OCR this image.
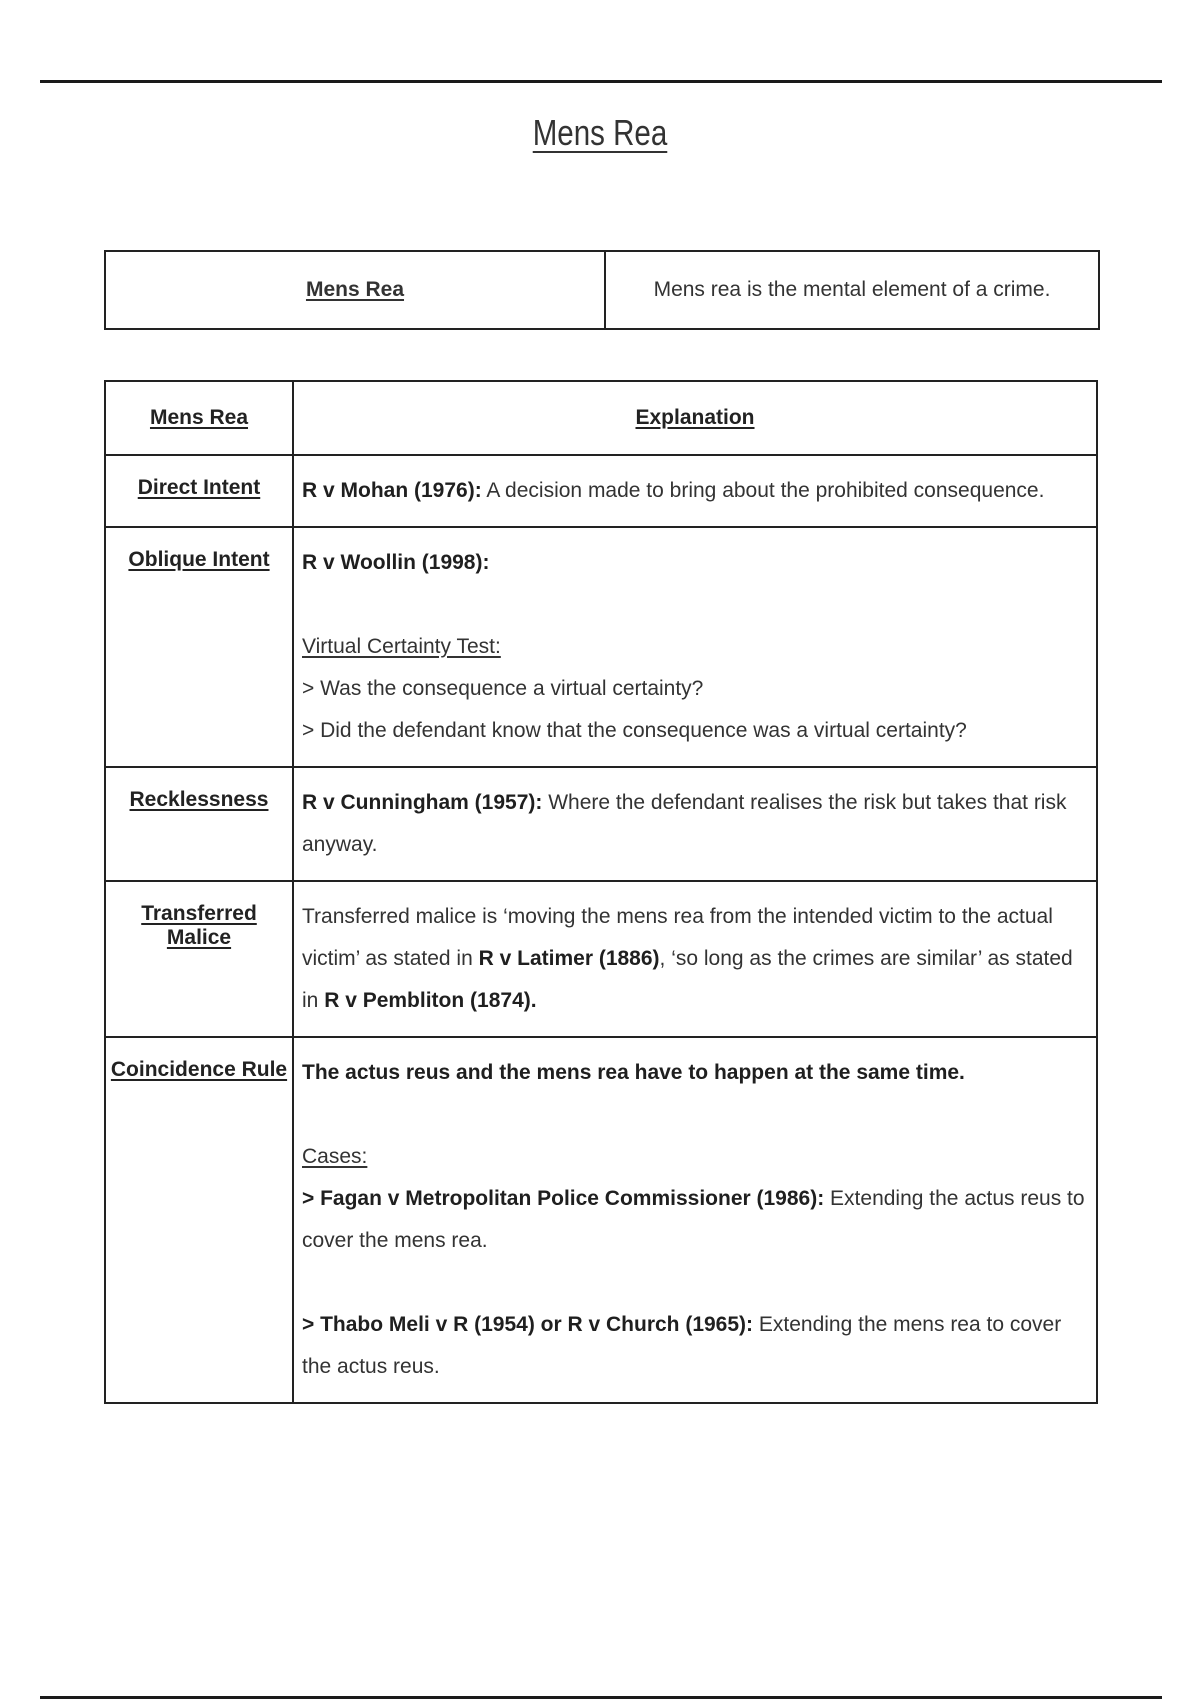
Mens Rea
Mens Rea	Mens rea is the mental element of a crime.
Mens Rea	Explanation
Direct Intent	R v Mohan (1976): A decision made to bring about the prohibited consequence.
Oblique Intent	R v Woollin (1998):

Virtual Certainty Test:

> Was the consequence a virtual certainty?

> Did the defendant know that the consequence was a virtual certainty?

Recklessness	R v Cunningham (1957): Where the defendant realises the risk but takes that risk anyway.
Transferred Malice	Transferred malice is ‘moving the mens rea from the intended victim to the actual victim’ as stated in R v Latimer (1886), ‘so long as the crimes are similar’ as stated in R v Pembliton (1874).
Coincidence Rule	The actus reus and the mens rea have to happen at the same time.

Cases:

> Fagan v Metropolitan Police Commissioner (1986): Extending the actus reus to cover the mens rea.

> Thabo Meli v R (1954) or R v Church (1965): Extending the mens rea to cover the actus reus.
